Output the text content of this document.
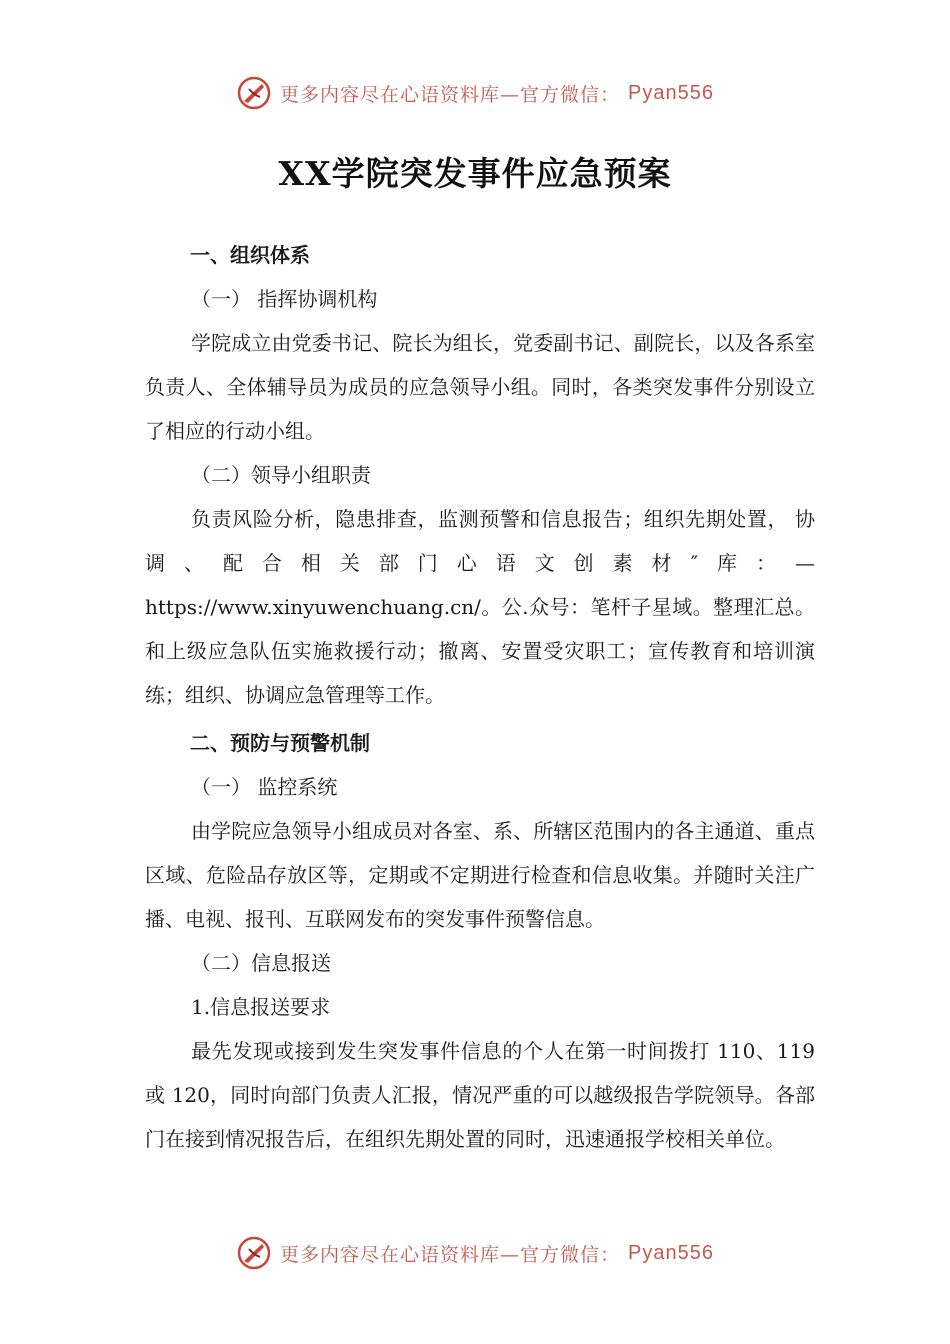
更多内容尽在心语资料库—官方微信： Pyan556
XX学院突发事件应急预案

一、组织体系

（一） 指挥协调机构

学院成立由党委书记、院长为组长，党委副书记、副院长，以及各系室负责人、全体辅导员为成员的应急领导小组。同时，各类突发事件分别设立了相应的行动小组。

（二）领导小组职责

负责风险分析，隐患排查，监测预警和信息报告；组织先期处置， 协调、配合相关部门心语文创素材″库：—https://www.xinyuwenchuang.cn/。公.众号：笔杆子星域。整理汇总。和上级应急队伍实施救援行动；撤离、安置受灾职工；宣传教育和培训演练；组织、协调应急管理等工作。

二、预防与预警机制

（一） 监控系统

由学院应急领导小组成员对各室、系、所辖区范围内的各主通道、重点区域、危险品存放区等，定期或不定期进行检查和信息收集。并随时关注广播、电视、报刊、互联网发布的突发事件预警信息。

（二）信息报送

1.信息报送要求

最先发现或接到发生突发事件信息的个人在第一时间拨打 110、119 或 120，同时向部门负责人汇报，情况严重的可以越级报告学院领导。各部门在接到情况报告后，在组织先期处置的同时，迅速通报学校相关单位。

更多内容尽在心语资料库—官方微信： Pyan556
